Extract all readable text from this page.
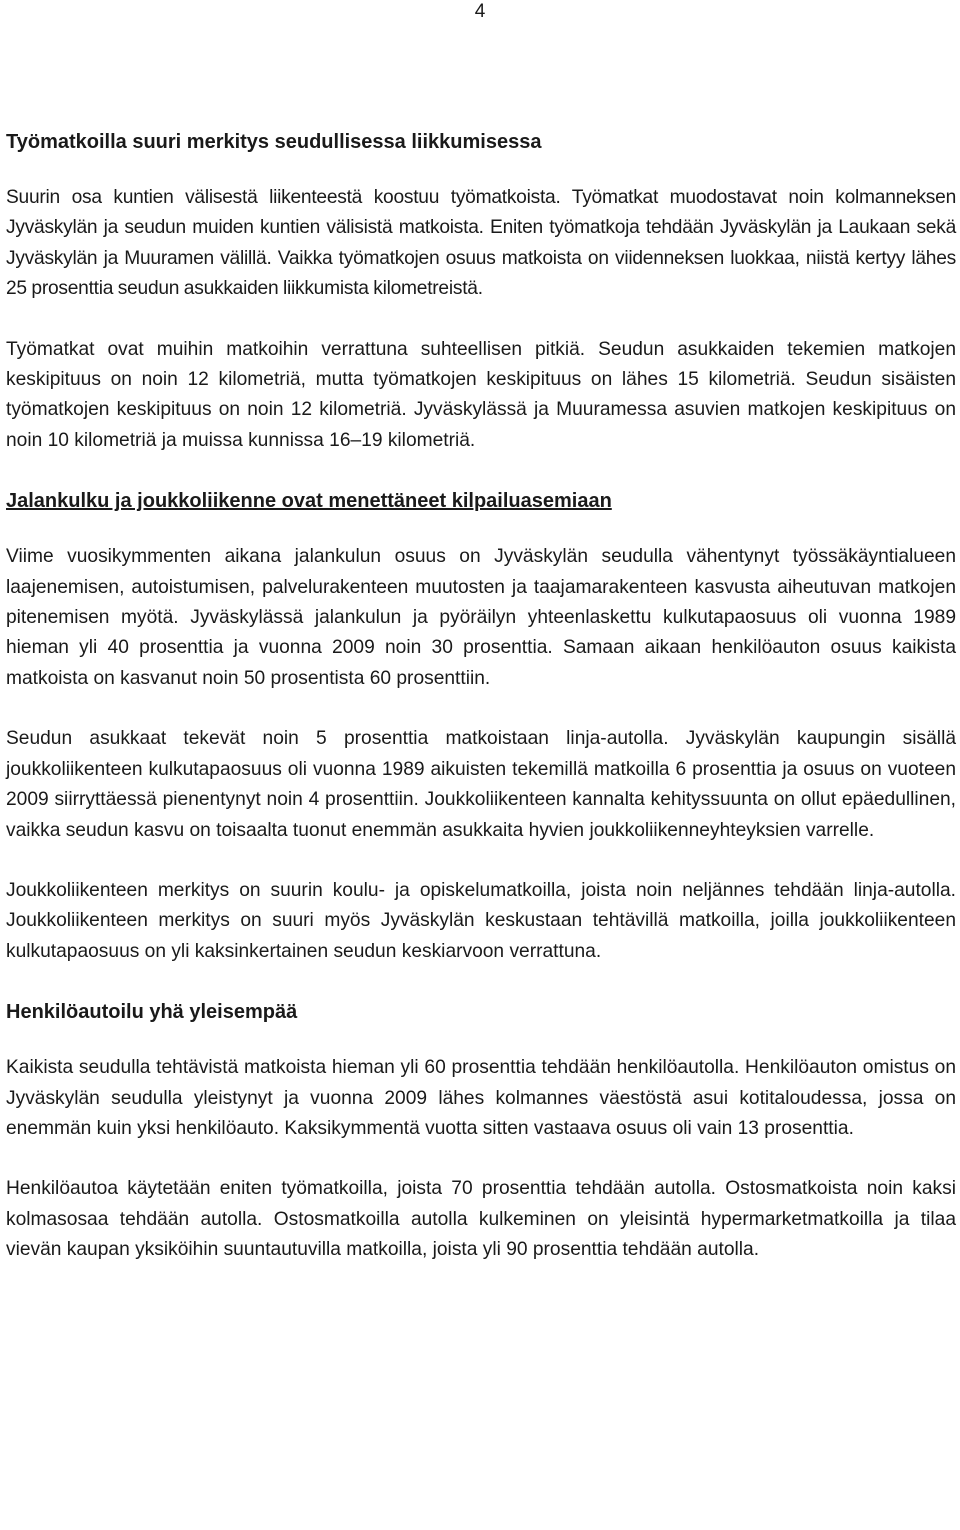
4
Työmatkoilla suuri merkitys seudullisessa liikkumisessa

Suurin osa kuntien välisestä liikenteestä koostuu työmatkoista. Työmatkat muodostavat noin kolmanneksen Jyväskylän ja seudun muiden kuntien välisistä matkoista. Eniten työmatkoja tehdään Jyväskylän ja Laukaan sekä Jyväskylän ja Muuramen välillä. Vaikka työmatkojen osuus matkoista on viidenneksen luokkaa, niistä kertyy lähes 25 prosenttia seudun asukkaiden liikkumista kilometreistä.

Työmatkat ovat muihin matkoihin verrattuna suhteellisen pitkiä. Seudun asukkaiden tekemien matkojen keskipituus on noin 12 kilometriä, mutta työmatkojen keskipituus on lähes 15 kilometriä. Seudun sisäisten työmatkojen keskipituus on noin 12 kilometriä. Jyväskylässä ja Muuramessa asuvien matkojen keskipituus on noin 10 kilometriä ja muissa kunnissa 16–19 kilometriä.

Jalankulku ja joukkoliikenne ovat menettäneet kilpailuasemiaan

Viime vuosikymmenten aikana jalankulun osuus on Jyväskylän seudulla vähentynyt työssäkäyntialueen laajenemisen, autoistumisen, palvelurakenteen muutosten ja taajamarakenteen kasvusta aiheutuvan matkojen pitenemisen myötä. Jyväskylässä jalankulun ja pyöräilyn yhteenlaskettu kulkutapaosuus oli vuonna 1989 hieman yli 40 prosenttia ja vuonna 2009 noin 30 prosenttia. Samaan aikaan henkilöauton osuus kaikista matkoista on kasvanut noin 50 prosentista 60 prosenttiin.

Seudun asukkaat tekevät noin 5 prosenttia matkoistaan linja-autolla. Jyväskylän kaupungin sisällä joukkoliikenteen kulkutapaosuus oli vuonna 1989 aikuisten tekemillä matkoilla 6 prosenttia ja osuus on vuoteen 2009 siirryttäessä pienentynyt noin 4 prosenttiin. Joukkoliikenteen kannalta kehityssuunta on ollut epäedullinen, vaikka seudun kasvu on toisaalta tuonut enemmän asukkaita hyvien joukkoliikenneyhteyksien varrelle.

Joukkoliikenteen merkitys on suurin koulu- ja opiskelumatkoilla, joista noin neljännes tehdään linja-autolla. Joukkoliikenteen merkitys on suuri myös Jyväskylän keskustaan tehtävillä matkoilla, joilla joukkoliikenteen kulkutapaosuus on yli kaksinkertainen seudun keskiarvoon verrattuna.

Henkilöautoilu yhä yleisempää

Kaikista seudulla tehtävistä matkoista hieman yli 60 prosenttia tehdään henkilöautolla. Henkilöauton omistus on Jyväskylän seudulla yleistynyt ja vuonna 2009 lähes kolmannes väestöstä asui kotitaloudessa, jossa on enemmän kuin yksi henkilöauto. Kaksikymmentä vuotta sitten vastaava osuus oli vain 13 prosenttia.

Henkilöautoa käytetään eniten työmatkoilla, joista 70 prosenttia tehdään autolla. Ostosmatkoista noin kaksi kolmasosaa tehdään autolla. Ostosmatkoilla autolla kulkeminen on yleisintä hypermarketmatkoilla ja tilaa vievän kaupan yksiköihin suuntautuvilla matkoilla, joista yli 90 prosenttia tehdään autolla.
